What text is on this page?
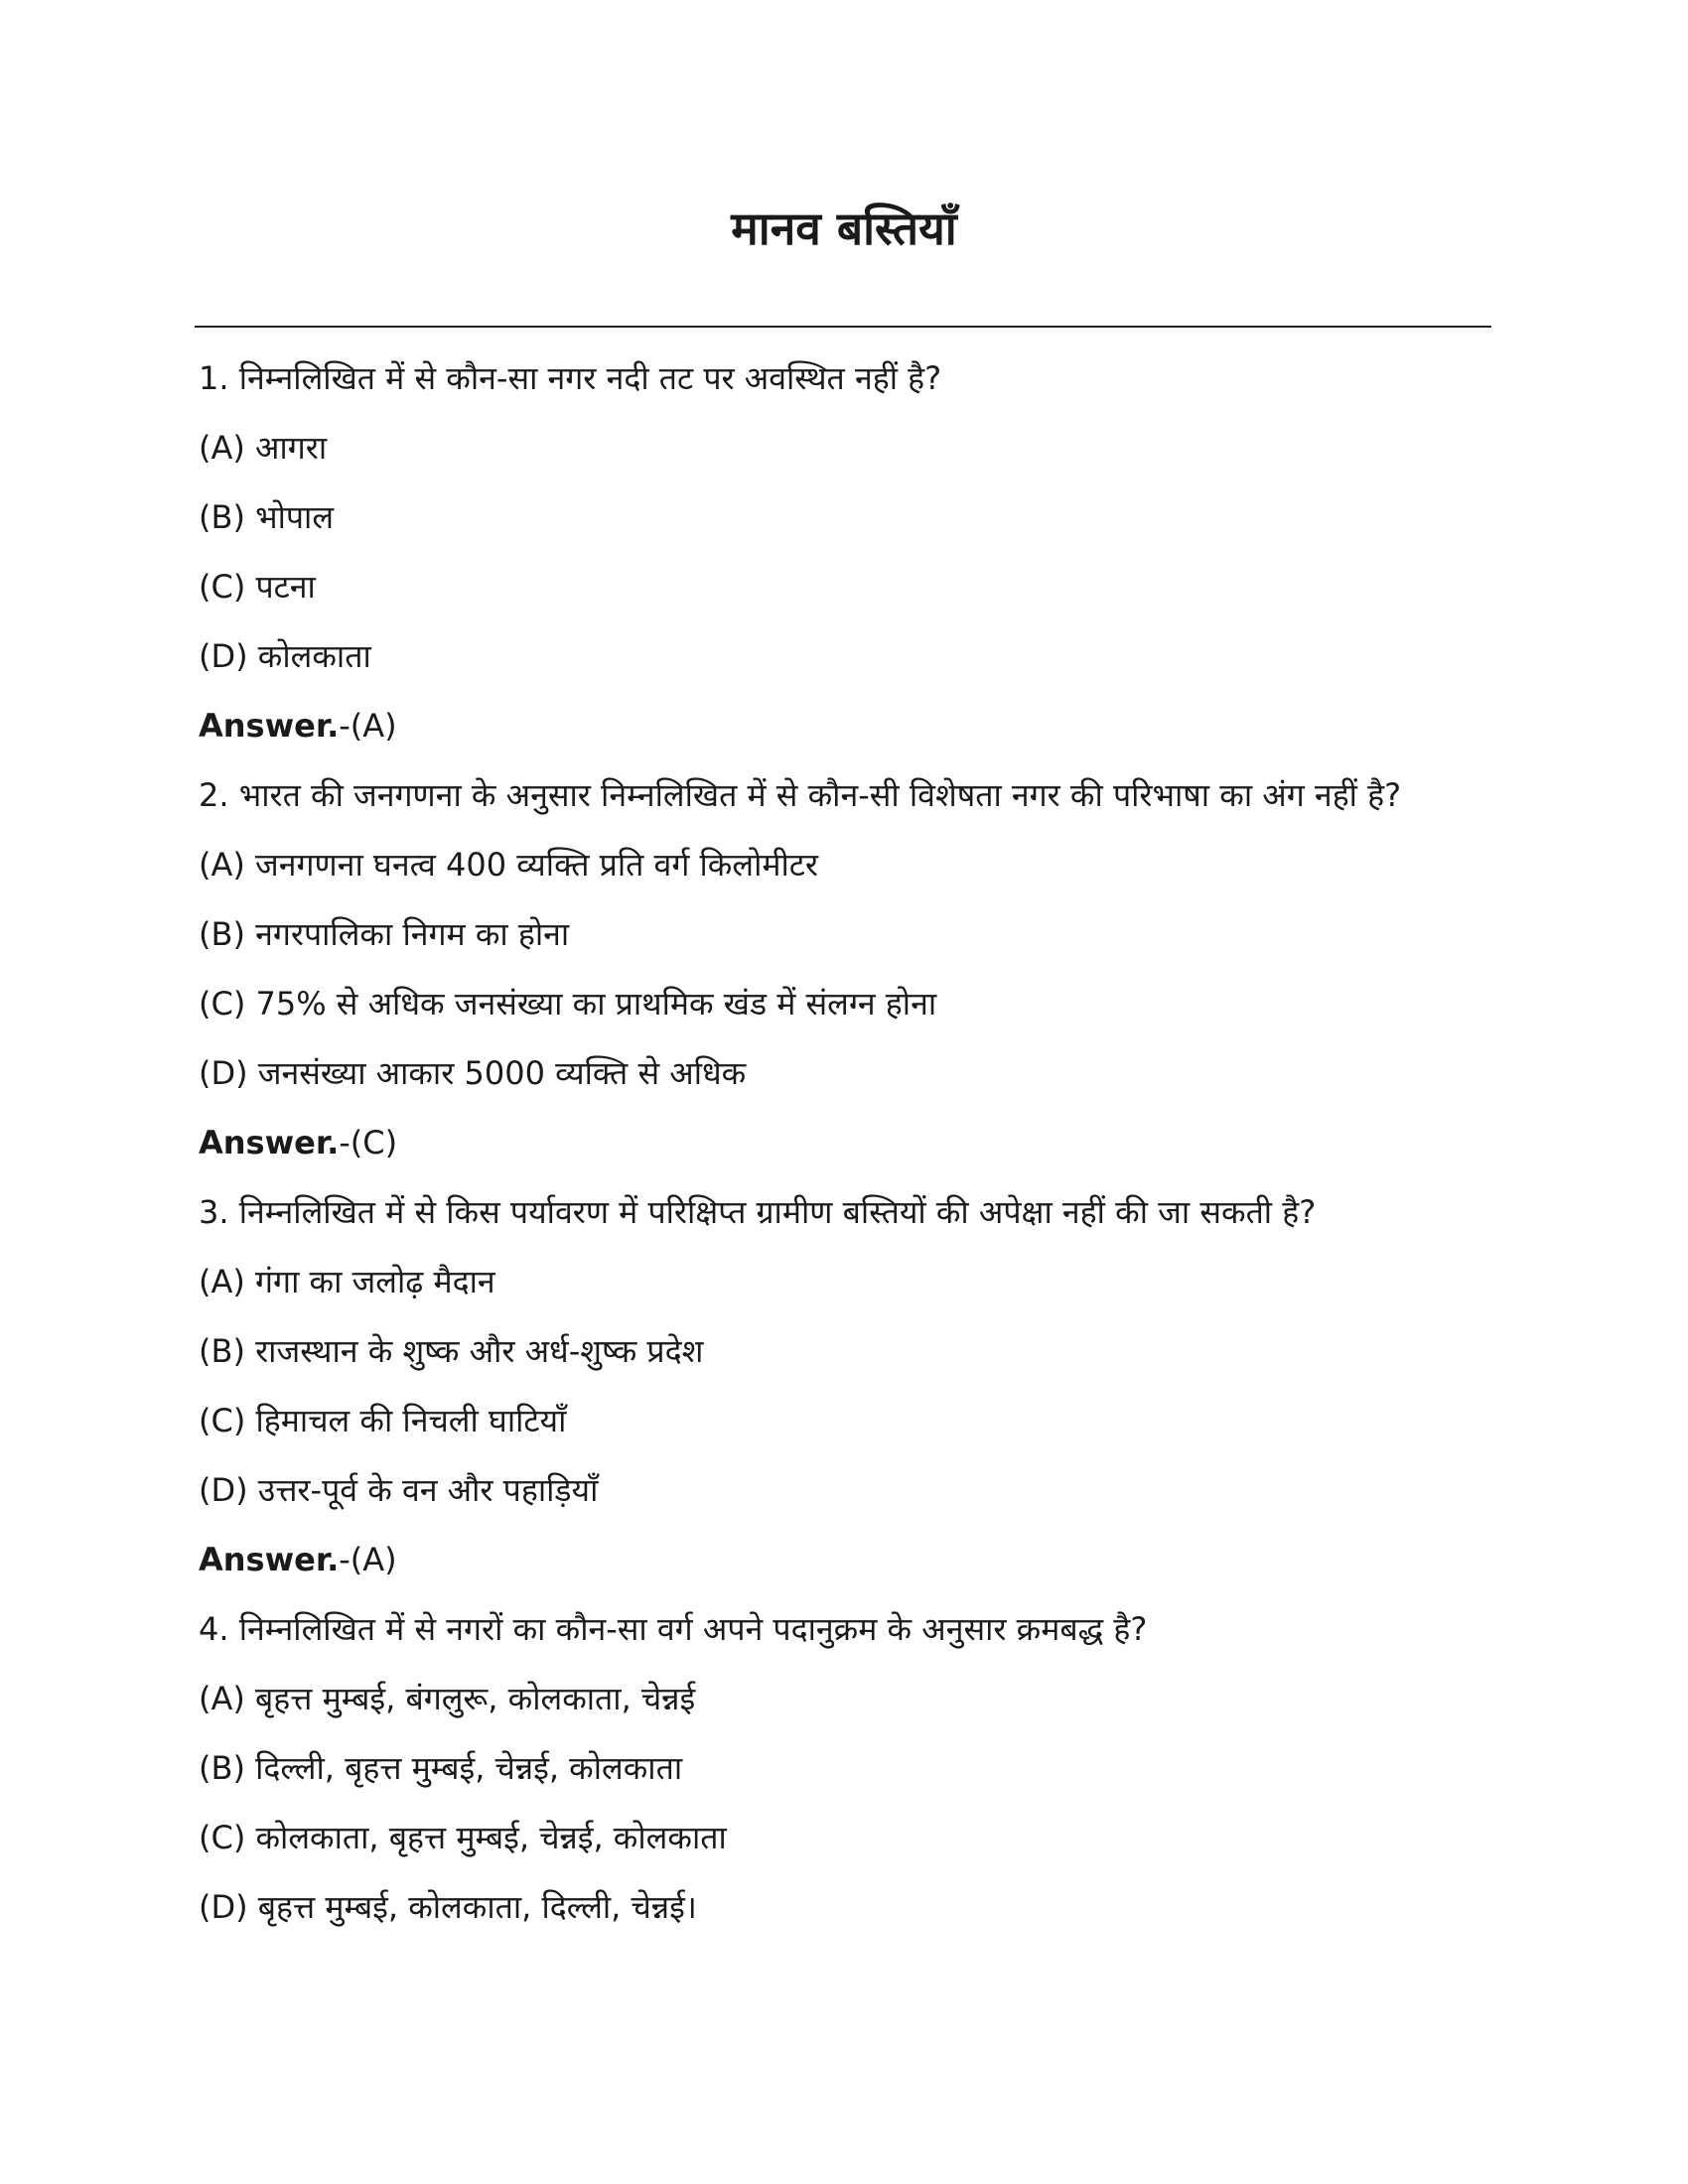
मानव बस्तियाँ
1. निम्नलिखित में से कौन-सा नगर नदी तट पर अवस्थित नहीं है?
(A) आगरा
(B) भोपाल
(C) पटना
(D) कोलकाता
Answer.-(A)
2. भारत की जनगणना के अनुसार निम्नलिखित में से कौन-सी विशेषता नगर की परिभाषा का अंग नहीं है?
(A) जनगणना घनत्व 400 व्यक्ति प्रति वर्ग किलोमीटर
(B) नगरपालिका निगम का होना
(C) 75% से अधिक जनसंख्या का प्राथमिक खंड में संलग्न होना
(D) जनसंख्या आकार 5000 व्यक्ति से अधिक
Answer.-(C)
3. निम्नलिखित में से किस पर्यावरण में परिक्षिप्त ग्रामीण बस्तियों की अपेक्षा नहीं की जा सकती है?
(A) गंगा का जलोढ़ मैदान
(B) राजस्थान के शुष्क और अर्ध-शुष्क प्रदेश
(C) हिमाचल की निचली घाटियाँ
(D) उत्तर-पूर्व के वन और पहाड़ियाँ
Answer.-(A)
4. निम्नलिखित में से नगरों का कौन-सा वर्ग अपने पदानुक्रम के अनुसार क्रमबद्ध है?
(A) बृहत्त मुम्बई, बंगलुरू, कोलकाता, चेन्नई
(B) दिल्ली, बृहत्त मुम्बई, चेन्नई, कोलकाता
(C) कोलकाता, बृहत्त मुम्बई, चेन्नई, कोलकाता
(D) बृहत्त मुम्बई, कोलकाता, दिल्ली, चेन्नई।
